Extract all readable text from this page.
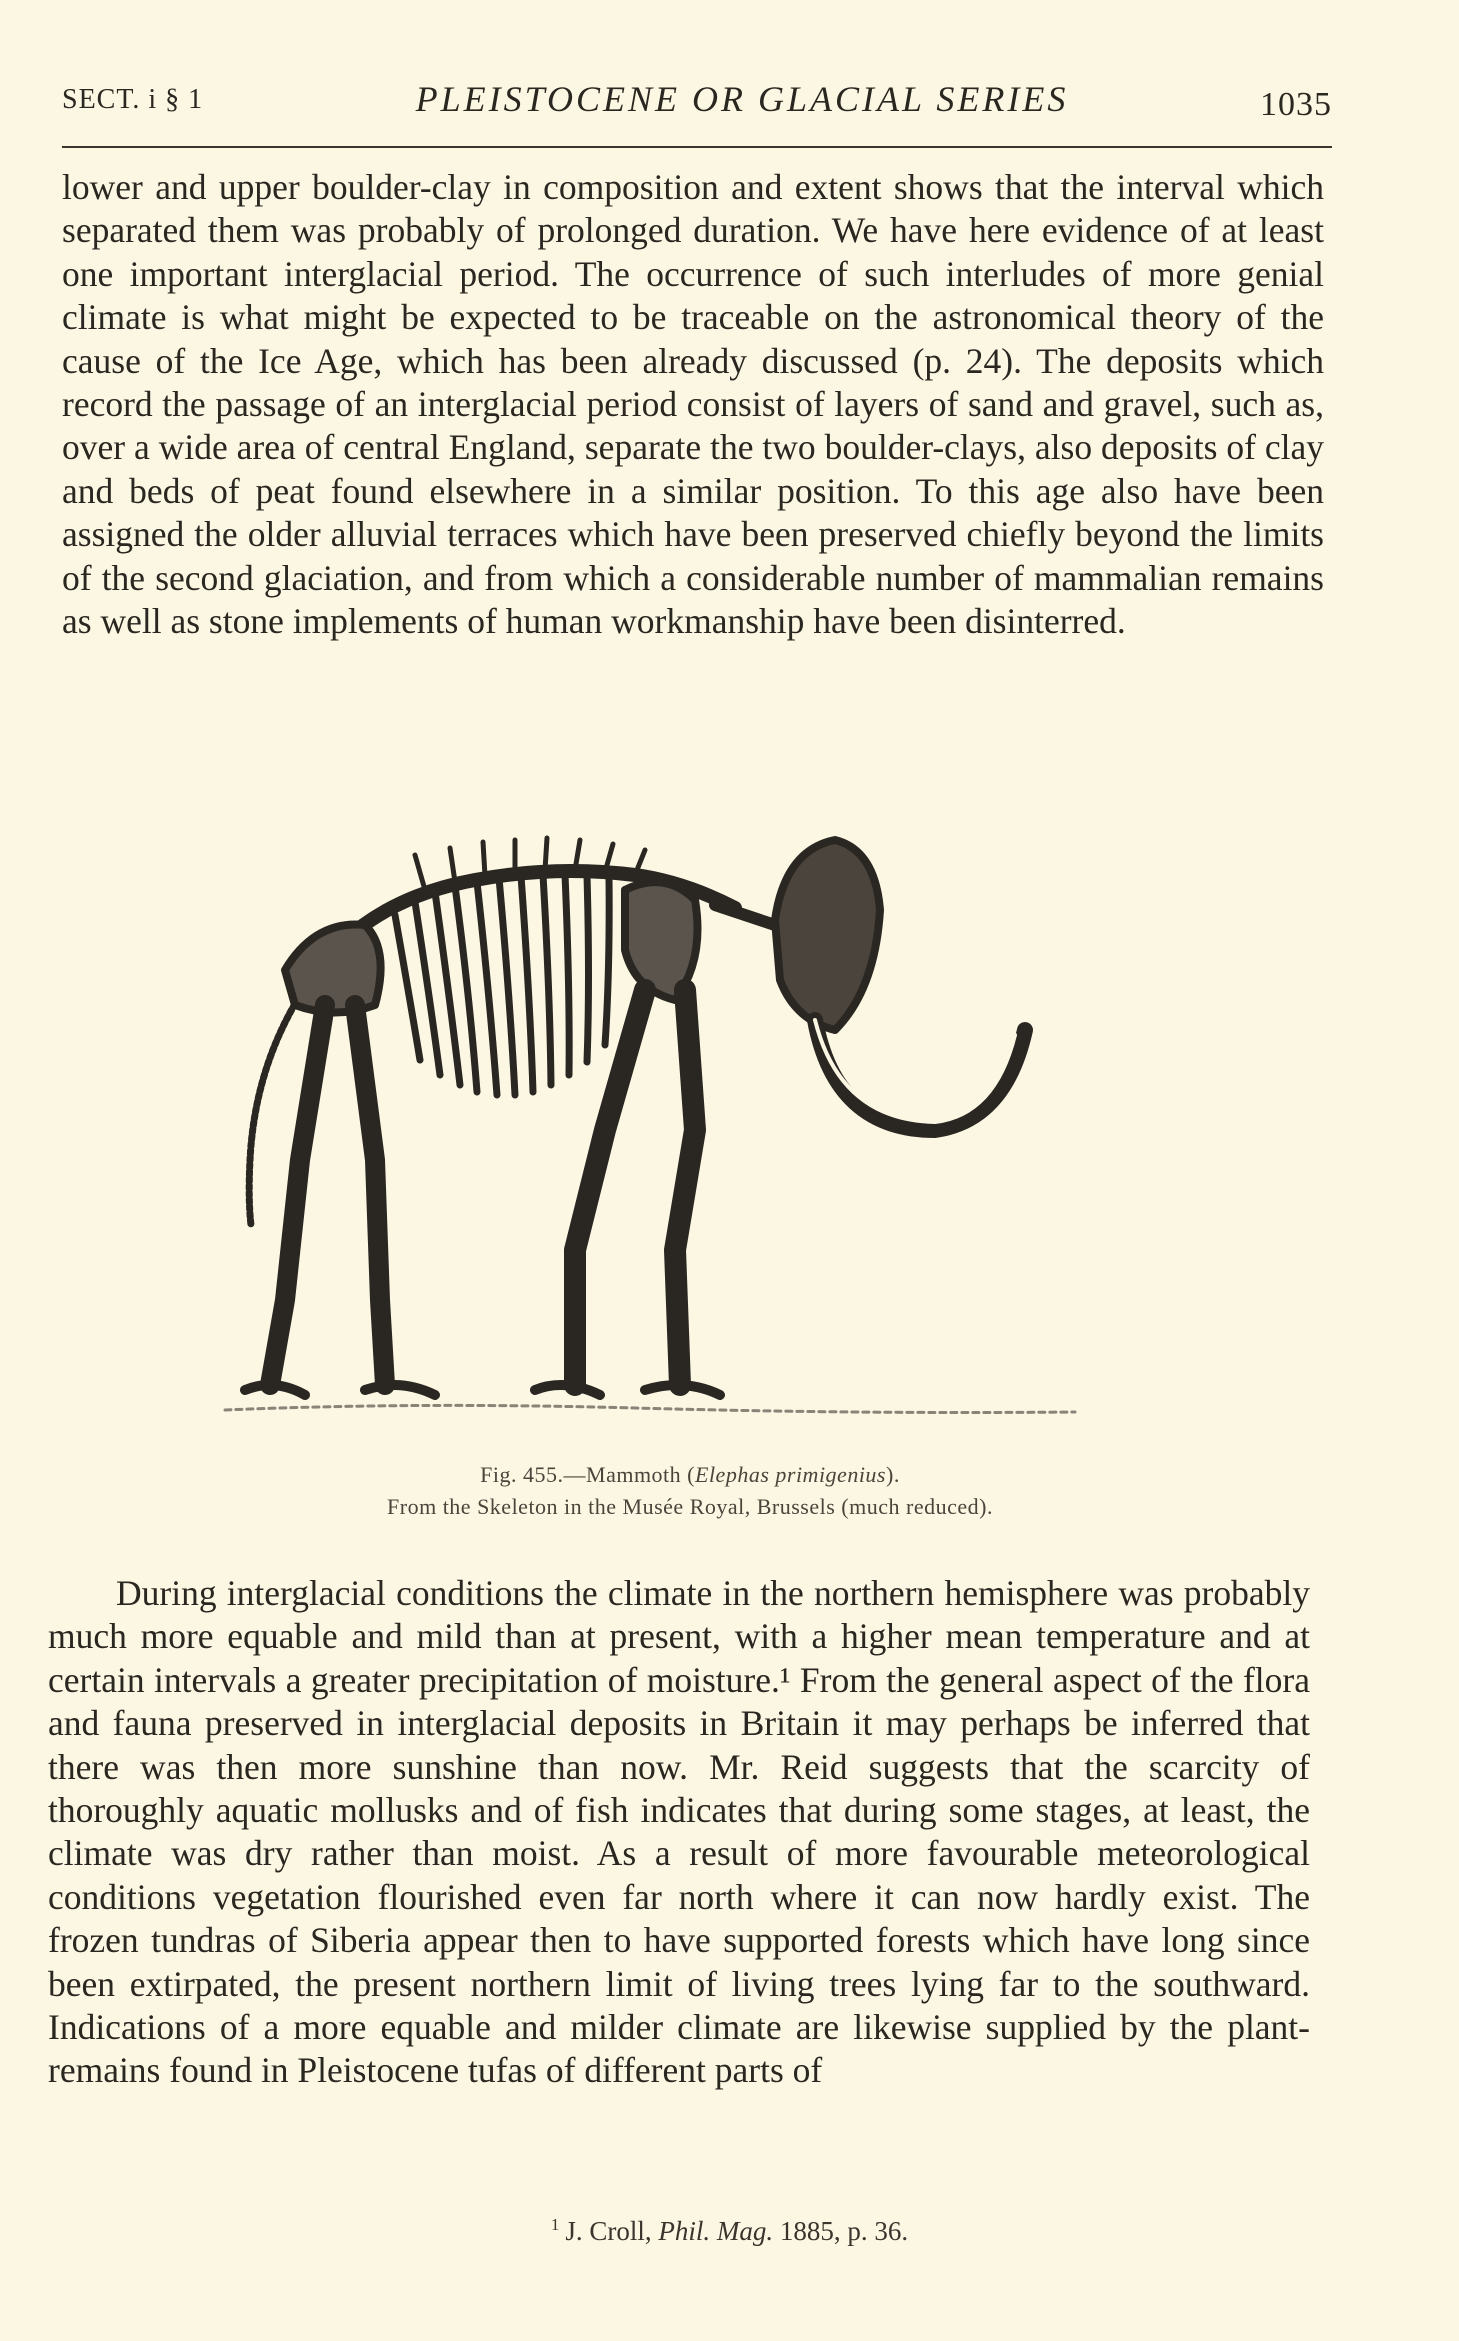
SECT. i § 1	PLEISTOCENE OR GLACIAL SERIES	1035

lower and upper boulder-clay in composition and extent shows that the interval which separated them was probably of prolonged duration. We have here evidence of at least one important interglacial period. The occurrence of such interludes of more genial climate is what might be expected to be traceable on the astronomical theory of the cause of the Ice Age, which has been already discussed (p. 24). The deposits which record the passage of an interglacial period consist of layers of sand and gravel, such as, over a wide area of central England, separate the two boulder-clays, also deposits of clay and beds of peat found elsewhere in a similar position. To this age also have been assigned the older alluvial terraces which have been preserved chiefly beyond the limits of the second glaciation, and from which a considerable number of mammalian remains as well as stone implements of human workmanship have been disinterred.

Fig. 455.—Mammoth (Elephas primigenius).
From the Skeleton in the Musée Royal, Brussels (much reduced).

During interglacial conditions the climate in the northern hemisphere was probably much more equable and mild than at present, with a higher mean temperature and at certain intervals a greater precipitation of moisture.¹ From the general aspect of the flora and fauna preserved in interglacial deposits in Britain it may perhaps be inferred that there was then more sunshine than now. Mr. Reid suggests that the scarcity of thoroughly aquatic mollusks and of fish indicates that during some stages, at least, the climate was dry rather than moist. As a result of more favourable meteorological conditions vegetation flourished even far north where it can now hardly exist. The frozen tundras of Siberia appear then to have supported forests which have long since been extirpated, the present northern limit of living trees lying far to the southward. Indications of a more equable and milder climate are likewise supplied by the plant-remains found in Pleistocene tufas of different parts of

$^1$ J. Croll, Phil. Mag. 1885, p. 36.
